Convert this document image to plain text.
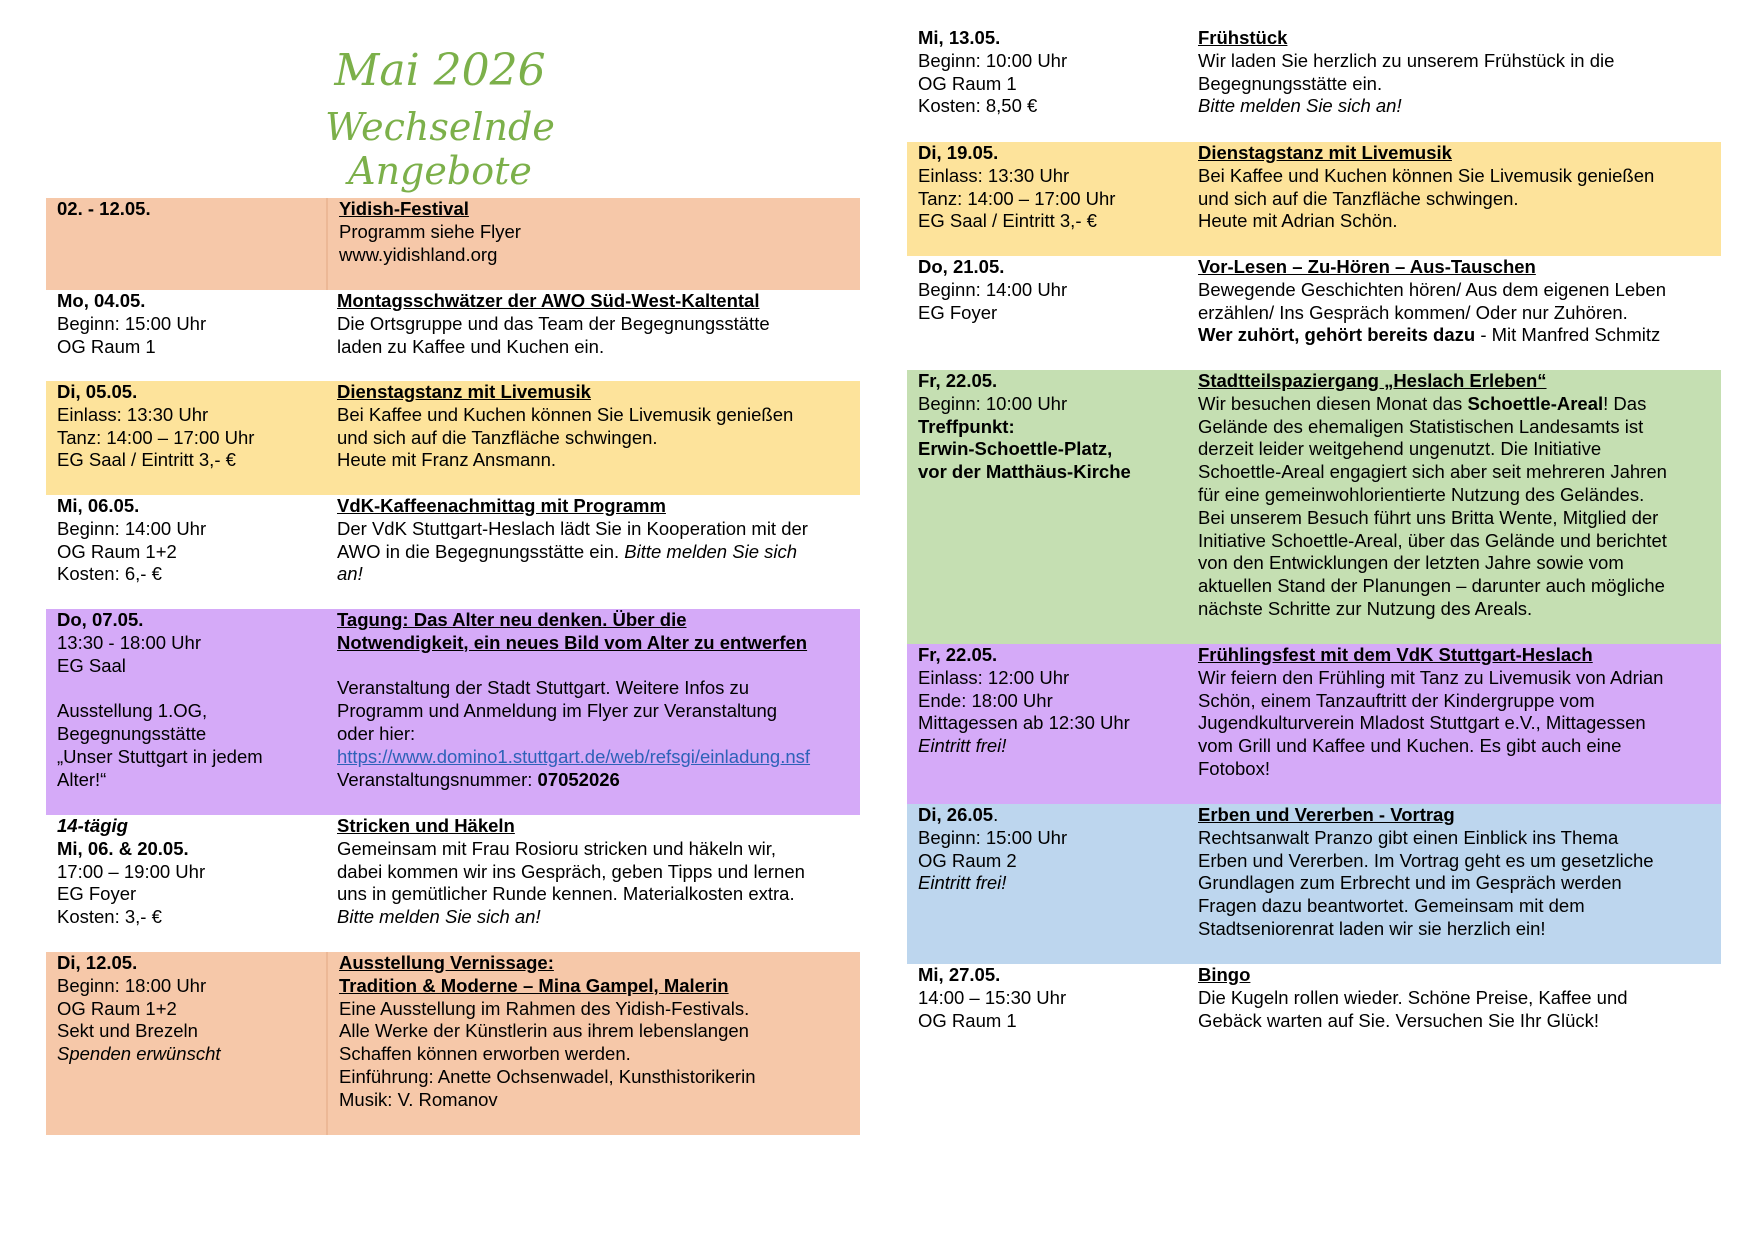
Mai 2026
Wechselnde Angebote
02. - 12.05.	Yidish-Festival
Programm siehe Flyer
www.yidishland.org
Mo, 04.05.
Beginn: 15:00 Uhr
OG Raum 1
Montagsschwätzer der AWO Süd-West-Kaltental
Die Ortsgruppe und das Team der Begegnungsstätte
laden zu Kaffee und Kuchen ein.
Di, 05.05.
Einlass: 13:30 Uhr
Tanz: 14:00 – 17:00 Uhr
EG Saal / Eintritt 3,- €
Dienstagstanz mit Livemusik
Bei Kaffee und Kuchen können Sie Livemusik genießen
und sich auf die Tanzfläche schwingen.
Heute mit Franz Ansmann.
Mi, 06.05.
Beginn: 14:00 Uhr
OG Raum 1+2
Kosten: 6,- €
VdK-Kaffeenachmittag mit Programm
Der VdK Stuttgart-Heslach lädt Sie in Kooperation mit der
AWO in die Begegnungsstätte ein. Bitte melden Sie sich
an!
Do, 07.05.
13:30 - 18:00 Uhr
EG Saal
Ausstellung 1.OG,
Begegnungsstätte
„Unser Stuttgart in jedem
Alter!“
Tagung: Das Alter neu denken. Über die
Notwendigkeit, ein neues Bild vom Alter zu entwerfen
Veranstaltung der Stadt Stuttgart. Weitere Infos zu
Programm und Anmeldung im Flyer zur Veranstaltung
oder hier:
https://www.domino1.stuttgart.de/web/refsgi/einladung.nsf
Veranstaltungsnummer: 07052026
14-tägig
Mi, 06. & 20.05.
17:00 – 19:00 Uhr
EG Foyer
Kosten: 3,- €
Stricken und Häkeln
Gemeinsam mit Frau Rosioru stricken und häkeln wir,
dabei kommen wir ins Gespräch, geben Tipps und lernen
uns in gemütlicher Runde kennen. Materialkosten extra.
Bitte melden Sie sich an!
Di, 12.05.
Beginn: 18:00 Uhr
OG Raum 1+2
Sekt und Brezeln
Spenden erwünscht
Ausstellung Vernissage:
Tradition & Moderne – Mina Gampel, Malerin
Eine Ausstellung im Rahmen des Yidish-Festivals.
Alle Werke der Künstlerin aus ihrem lebenslangen
Schaffen können erworben werden.
Einführung: Anette Ochsenwadel, Kunsthistorikerin
Musik: V. Romanov
Mi, 13.05.
Beginn: 10:00 Uhr
OG Raum 1
Kosten: 8,50 €
Frühstück
Wir laden Sie herzlich zu unserem Frühstück in die
Begegnungsstätte ein.
Bitte melden Sie sich an!
Di, 19.05.
Einlass: 13:30 Uhr
Tanz: 14:00 – 17:00 Uhr
EG Saal / Eintritt 3,- €
Dienstagstanz mit Livemusik
Bei Kaffee und Kuchen können Sie Livemusik genießen
und sich auf die Tanzfläche schwingen.
Heute mit Adrian Schön.
Do, 21.05.
Beginn: 14:00 Uhr
EG Foyer
Vor-Lesen – Zu-Hören – Aus-Tauschen
Bewegende Geschichten hören/ Aus dem eigenen Leben
erzählen/ Ins Gespräch kommen/ Oder nur Zuhören.
Wer zuhört, gehört bereits dazu - Mit Manfred Schmitz
Fr, 22.05.
Beginn: 10:00 Uhr
Treffpunkt:
Erwin-Schoettle-Platz,
vor der Matthäus-Kirche
Stadtteilspaziergang „Heslach Erleben“
Wir besuchen diesen Monat das Schoettle-Areal! Das
Gelände des ehemaligen Statistischen Landesamts ist
derzeit leider weitgehend ungenutzt. Die Initiative
Schoettle-Areal engagiert sich aber seit mehreren Jahren
für eine gemeinwohlorientierte Nutzung des Geländes.
Bei unserem Besuch führt uns Britta Wente, Mitglied der
Initiative Schoettle-Areal, über das Gelände und berichtet
von den Entwicklungen der letzten Jahre sowie vom
aktuellen Stand der Planungen – darunter auch mögliche
nächste Schritte zur Nutzung des Areals.
Fr, 22.05.
Einlass: 12:00 Uhr
Ende: 18:00 Uhr
Mittagessen ab 12:30 Uhr
Eintritt frei!
Frühlingsfest mit dem VdK Stuttgart-Heslach
Wir feiern den Frühling mit Tanz zu Livemusik von Adrian
Schön, einem Tanzauftritt der Kindergruppe vom
Jugendkulturverein Mladost Stuttgart e.V., Mittagessen
vom Grill und Kaffee und Kuchen. Es gibt auch eine
Fotobox!
Di, 26.05.
Beginn: 15:00 Uhr
OG Raum 2
Eintritt frei!
Erben und Vererben - Vortrag
Rechtsanwalt Pranzo gibt einen Einblick ins Thema
Erben und Vererben. Im Vortrag geht es um gesetzliche
Grundlagen zum Erbrecht und im Gespräch werden
Fragen dazu beantwortet. Gemeinsam mit dem
Stadtseniorenrat laden wir sie herzlich ein!
Mi, 27.05.
14:00 – 15:30 Uhr
OG Raum 1
Bingo
Die Kugeln rollen wieder. Schöne Preise, Kaffee und
Gebäck warten auf Sie. Versuchen Sie Ihr Glück!
